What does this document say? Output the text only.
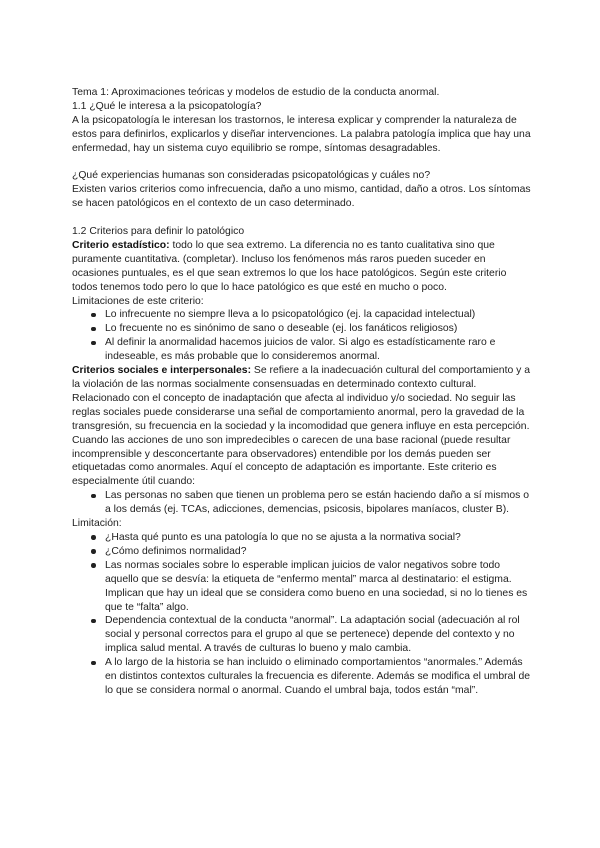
Tema 1: Aproximaciones teóricas y modelos de estudio de la conducta anormal.

1.1 ¿Qué le interesa a la psicopatología?

A la psicopatología le interesan los trastornos, le interesa explicar y comprender la naturaleza de estos para definirlos, explicarlos y diseñar intervenciones. La palabra patología implica que hay una enfermedad, hay un sistema cuyo equilibrio se rompe, síntomas desagradables.

¿Qué experiencias humanas son consideradas psicopatológicas y cuáles no?

Existen varios criterios como infrecuencia, daño a uno mismo, cantidad, daño a otros. Los síntomas se hacen patológicos en el contexto de un caso determinado.

1.2 Criterios para definir lo patológico

Criterio estadístico: todo lo que sea extremo. La diferencia no es tanto cualitativa sino que puramente cuantitativa. (completar). Incluso los fenómenos más raros pueden suceder en ocasiones puntuales, es el que sean extremos lo que los hace patológicos. Según este criterio todos tenemos todo pero lo que lo hace patológico es que esté en mucho o poco.

Limitaciones de este criterio:

Lo infrecuente no siempre lleva a lo psicopatológico (ej. la capacidad intelectual)
Lo frecuente no es sinónimo de sano o deseable (ej. los fanáticos religiosos)
Al definir la anormalidad hacemos juicios de valor. Si algo es estadísticamente raro e indeseable, es más probable que lo consideremos anormal.

Criterios sociales e interpersonales: Se refiere a la inadecuación cultural del comportamiento y a la violación de las normas socialmente consensuadas en determinado contexto cultural. Relacionado con el concepto de inadaptación que afecta al individuo y/o sociedad. No seguir las reglas sociales puede considerarse una señal de comportamiento anormal, pero la gravedad de la transgresión, su frecuencia en la sociedad y la incomodidad que genera influye en esta percepción. Cuando las acciones de uno son impredecibles o carecen de una base racional (puede resultar incomprensible y desconcertante para observadores) entendible por los demás pueden ser etiquetadas como anormales. Aquí el concepto de adaptación es importante. Este criterio es especialmente útil cuando:

Las personas no saben que tienen un problema pero se están haciendo daño a sí mismos o a los demás (ej. TCAs, adicciones, demencias, psicosis, bipolares maníacos, cluster B).

Limitación:

¿Hasta qué punto es una patología lo que no se ajusta a la normativa social?
¿Cómo definimos normalidad?
Las normas sociales sobre lo esperable implican juicios de valor negativos sobre todo aquello que se desvía: la etiqueta de “enfermo mental” marca al destinatario: el estigma. Implican que hay un ideal que se considera como bueno en una sociedad, si no lo tienes es que te “falta” algo.
Dependencia contextual de la conducta “anormal”. La adaptación social (adecuación al rol social y personal correctos para el grupo al que se pertenece) depende del contexto y no implica salud mental. A través de culturas lo bueno y malo cambia.
A lo largo de la historia se han incluido o eliminado comportamientos “anormales.” Además en distintos contextos culturales la frecuencia es diferente. Además se modifica el umbral de lo que se considera normal o anormal. Cuando el umbral baja, todos están “mal”.
